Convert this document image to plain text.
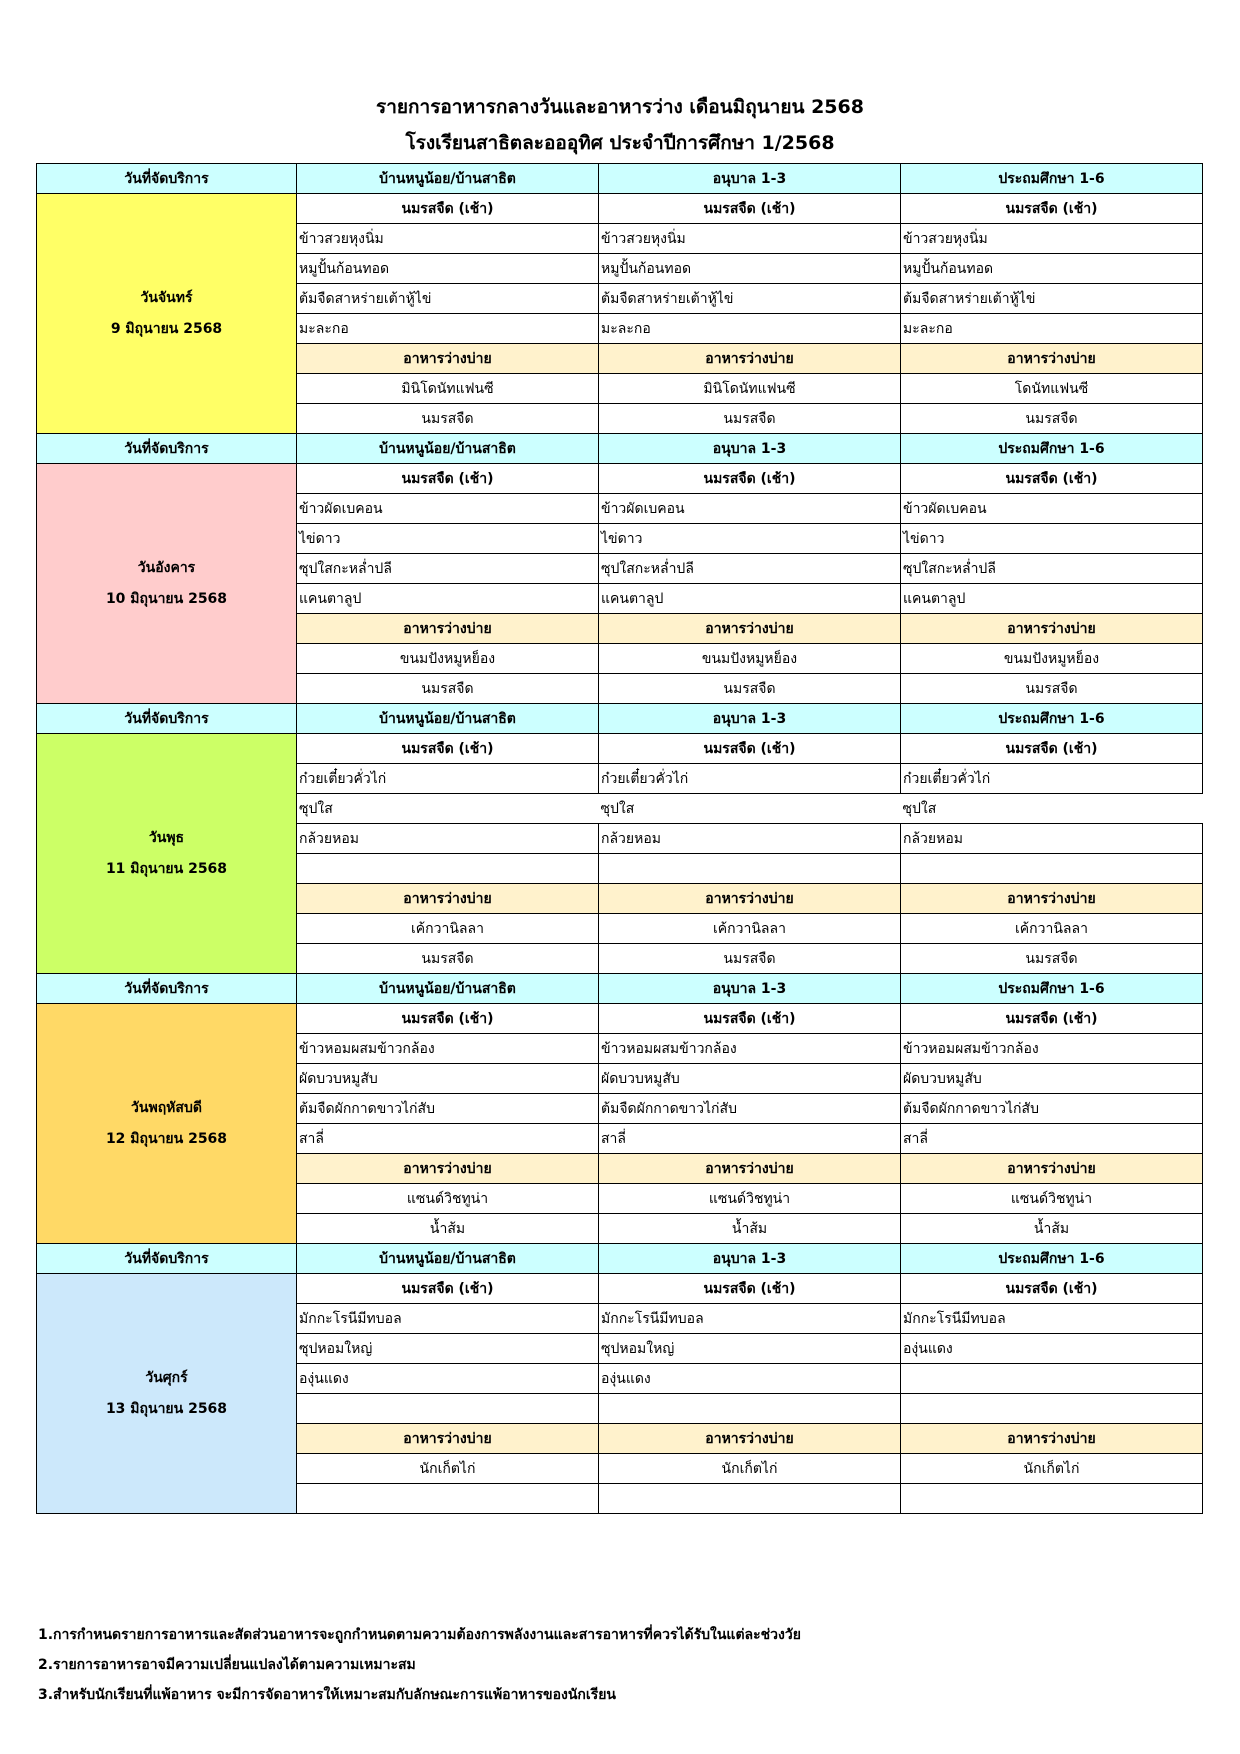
รายการอาหารกลางวันและอาหารว่าง เดือนมิถุนายน 2568
โรงเรียนสาธิตละอออุทิศ ประจำปีการศึกษา 1/2568
วันที่จัดบริการ	บ้านหนูน้อย/บ้านสาธิต	อนุบาล 1-3	ประถมศึกษา 1-6

วันจันทร์
9 มิถุนายน 2568	นมรสจืด (เช้า)	นมรสจืด (เช้า)	นมรสจืด (เช้า)
	ข้าวสวยหุงนิ่ม	ข้าวสวยหุงนิ่ม	ข้าวสวยหุงนิ่ม
	หมูปั้นก้อนทอด	หมูปั้นก้อนทอด	หมูปั้นก้อนทอด
	ต้มจืดสาหร่ายเต้าหู้ไข่	ต้มจืดสาหร่ายเต้าหู้ไข่	ต้มจืดสาหร่ายเต้าหู้ไข่
	มะละกอ	มะละกอ	มะละกอ
	อาหารว่างบ่าย	อาหารว่างบ่าย	อาหารว่างบ่าย
	มินิโดนัทแฟนซี	มินิโดนัทแฟนซี	โดนัทแฟนซี
	นมรสจืด	นมรสจืด	นมรสจืด
วันที่จัดบริการ	บ้านหนูน้อย/บ้านสาธิต	อนุบาล 1-3	ประถมศึกษา 1-6

วันอังคาร
10 มิถุนายน 2568	นมรสจืด (เช้า)	นมรสจืด (เช้า)	นมรสจืด (เช้า)
	ข้าวผัดเบคอน	ข้าวผัดเบคอน	ข้าวผัดเบคอน
	ไข่ดาว	ไข่ดาว	ไข่ดาว
	ซุปใสกะหล่ำปลี	ซุปใสกะหล่ำปลี	ซุปใสกะหล่ำปลี
	แคนตาลูป	แคนตาลูป	แคนตาลูป
	อาหารว่างบ่าย	อาหารว่างบ่าย	อาหารว่างบ่าย
	ขนมปังหมูหย็อง	ขนมปังหมูหย็อง	ขนมปังหมูหย็อง
	นมรสจืด	นมรสจืด	นมรสจืด
วันที่จัดบริการ	บ้านหนูน้อย/บ้านสาธิต	อนุบาล 1-3	ประถมศึกษา 1-6

วันพุธ
11 มิถุนายน 2568	นมรสจืด (เช้า)	นมรสจืด (เช้า)	นมรสจืด (เช้า)
	ก๋วยเตี๋ยวคั่วไก่	ก๋วยเตี๋ยวคั่วไก่	ก๋วยเตี๋ยวคั่วไก่
	ซุปใส	ซุปใส	ซุปใส
	กล้วยหอม	กล้วยหอม	กล้วยหอม

	อาหารว่างบ่าย	อาหารว่างบ่าย	อาหารว่างบ่าย
	เค้กวานิลลา	เค้กวานิลลา	เค้กวานิลลา
	นมรสจืด	นมรสจืด	นมรสจืด
วันที่จัดบริการ	บ้านหนูน้อย/บ้านสาธิต	อนุบาล 1-3	ประถมศึกษา 1-6

วันพฤหัสบดี
12 มิถุนายน 2568	นมรสจืด (เช้า)	นมรสจืด (เช้า)	นมรสจืด (เช้า)
	ข้าวหอมผสมข้าวกล้อง	ข้าวหอมผสมข้าวกล้อง	ข้าวหอมผสมข้าวกล้อง
	ผัดบวบหมูสับ	ผัดบวบหมูสับ	ผัดบวบหมูสับ
	ต้มจืดผักกาดขาวไก่สับ	ต้มจืดผักกาดขาวไก่สับ	ต้มจืดผักกาดขาวไก่สับ
	สาลี่	สาลี่	สาลี่
	อาหารว่างบ่าย	อาหารว่างบ่าย	อาหารว่างบ่าย
	แซนด์วิชทูน่า	แซนด์วิชทูน่า	แซนด์วิชทูน่า
	น้ำส้ม	น้ำส้ม	น้ำส้ม
วันที่จัดบริการ	บ้านหนูน้อย/บ้านสาธิต	อนุบาล 1-3	ประถมศึกษา 1-6

วันศุกร์
13 มิถุนายน 2568	นมรสจืด (เช้า)	นมรสจืด (เช้า)	นมรสจืด (เช้า)
	มักกะโรนีมีทบอล	มักกะโรนีมีทบอล	มักกะโรนีมีทบอล
	ซุปหอมใหญ่	ซุปหอมใหญ่	องุ่นแดง
	องุ่นแดง	องุ่นแดง	

	อาหารว่างบ่าย	อาหารว่างบ่าย	อาหารว่างบ่าย
	นักเก็ตไก่	นักเก็ตไก่	นักเก็ตไก่

1.การกำหนดรายการอาหารและสัดส่วนอาหารจะถูกกำหนดตามความต้องการพลังงานและสารอาหารที่ควรได้รับในแต่ละช่วงวัย
2.รายการอาหารอาจมีความเปลี่ยนแปลงได้ตามความเหมาะสม
3.สำหรับนักเรียนที่แพ้อาหาร จะมีการจัดอาหารให้เหมาะสมกับลักษณะการแพ้อาหารของนักเรียน
